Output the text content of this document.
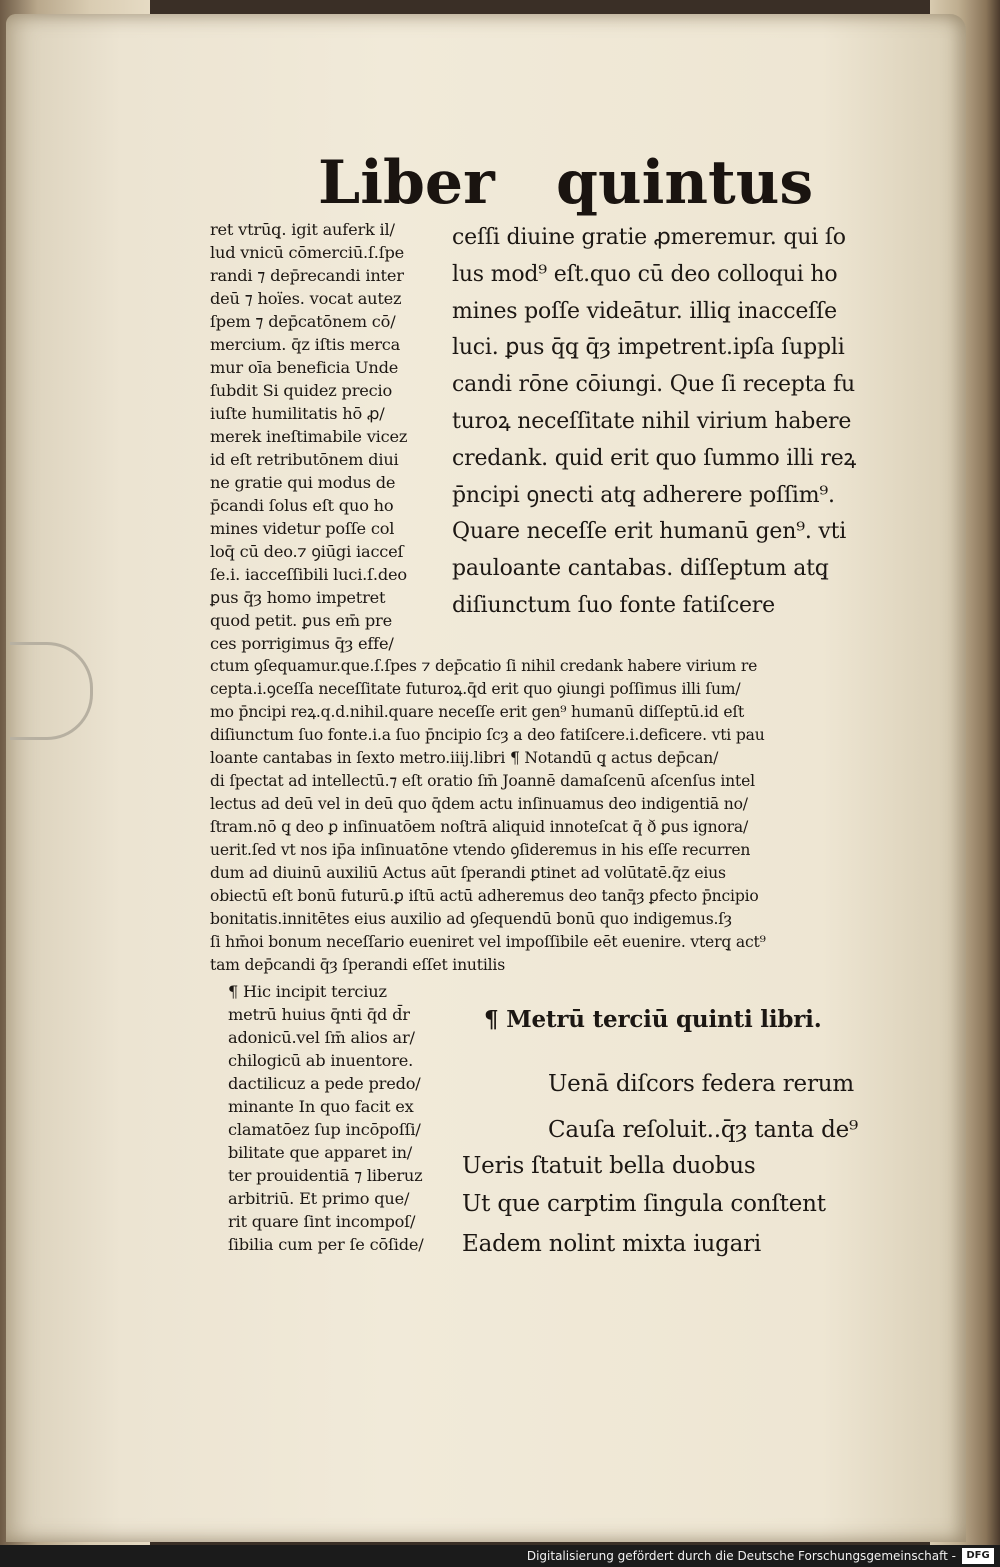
Liber quintus
ret vtrūq̧. igit auferk il/
lud vnicū cōmerciū.ſ.ſpe
randi ⁊ dep̄recandi inter
deū ⁊ hoïes. vocat autez
ſpem ⁊ dep̄catōnem cō/
mercium. q̄z iſtis merca
mur oīa beneficia Unde
ſubdit Si quidez precio
iuſte humilitatis hō ꝓ/
merek ineſtimabile vicez
id eſt retributōnem diui
ne gratie qui modus de
p̄candi ſolus eſt quo ho
mines videtur poſſe col
loq̄ cū deo.⁊ ꝯiūgi iacceſ
ſe.i. iacceſſibili luci.ſ.deo
ꝑus q̄ȝ homo impetret
quod petit. ꝑus em̄ pre
ces porrigimus q̄ȝ effe/
ceſſi diuine gratie ꝓmeremur. qui ſo
lus mod⁹ eſt.quo cū deo colloqui ho
mines poſſe videātur. illiq̧ inacceſſe
luci. ꝑus q̄q̧ q̄ȝ impetrent.ipſa ſuppli
candi rōne cōiungi. Que ſi recepta fu
turoꝝ neceſſitate nihil virium habere
credank. quid erit quo ſummo illi reꝝ
p̄ncipi ꝯnecti atq̧ adherere poſſim⁹.
Quare neceſſe erit humanū gen⁹. vti
pauloante cantabas. diſſeptum atq̧
diſiunctum ſuo fonte fatiſcere
ctum ꝯſequamur.que.ſ.ſpes ⁊ dep̄catio ſi nihil credank habere virium re
cepta.i.ꝯceſſa neceſſitate futuroꝝ.q̄d erit quo ꝯiungi poſſimus illi ſum/
mo p̄ncipi reꝝ.q.d.nihil.quare neceſſe erit gen⁹ humanū diſſeptū.id eſt
diſiunctum ſuo fonte.i.a ſuo p̄ncipio ſcȝ a deo fatiſcere.i.deficere. vti pau
loante cantabas in ſexto metro.iiij.libri ¶ Notandū q̧ actus dep̄can/
di ſpectat ad intellectū.⁊ eſt oratio ſm̄ Joannē damaſcenū aſcenſus intel
lectus ad deū vel in deū quo q̄dem actu inſinuamus deo indigentiā no/
ſtram.nō q̧ deo ꝑ inſinuatōem noſtrā aliquid innoteſcat q̄ ð ꝑus ignora/
uerit.ſed vt nos ip̄a inſinuatōne vtendo ꝯſideremus in his eſſe recurren
dum ad diuinū auxiliū Actus aūt ſperandi ꝑtinet ad volūtatē.q̄z eius
obiectū eſt bonū futurū.ꝑ iſtū actū adheremus deo tanq̄ȝ ꝑfecto p̄ncipio
bonitatis.innitētes eius auxilio ad ꝯſequendū bonū quo indigemus.ſȝ
ſi hm̄oi bonum neceſſario eueniret vel impoſſibile eēt euenire. vterq̧ act⁹
tam dep̄candi q̄ȝ ſperandi eſſet inutilis
¶ Hic incipit terciuz
metrū huius q̄nti q̄d d̄r
adonicū.vel ſm̄ alios ar/
chilogicū ab inuentore.
dactilicuz a pede predo/
minante In quo facit ex
clamatōez ſup incōpoſſi/
bilitate que apparet in/
ter prouidentiā ⁊ liberuz
arbitriū. Et primo que/
rit quare ſint incompoſ/
ſibilia cum per ſe cōſide/
¶ Metrū terciū quinti libri.
Uenā diſcors federa rerum
Cauſa reſoluit..q̄ȝ tanta de⁹
Ueris ſtatuit bella duobus
Ut que carptim ſingula conſtent
Eadem nolint mixta iugari
Digitalisierung gefördert durch die Deutsche Forschungsgemeinschaft -	DFG
